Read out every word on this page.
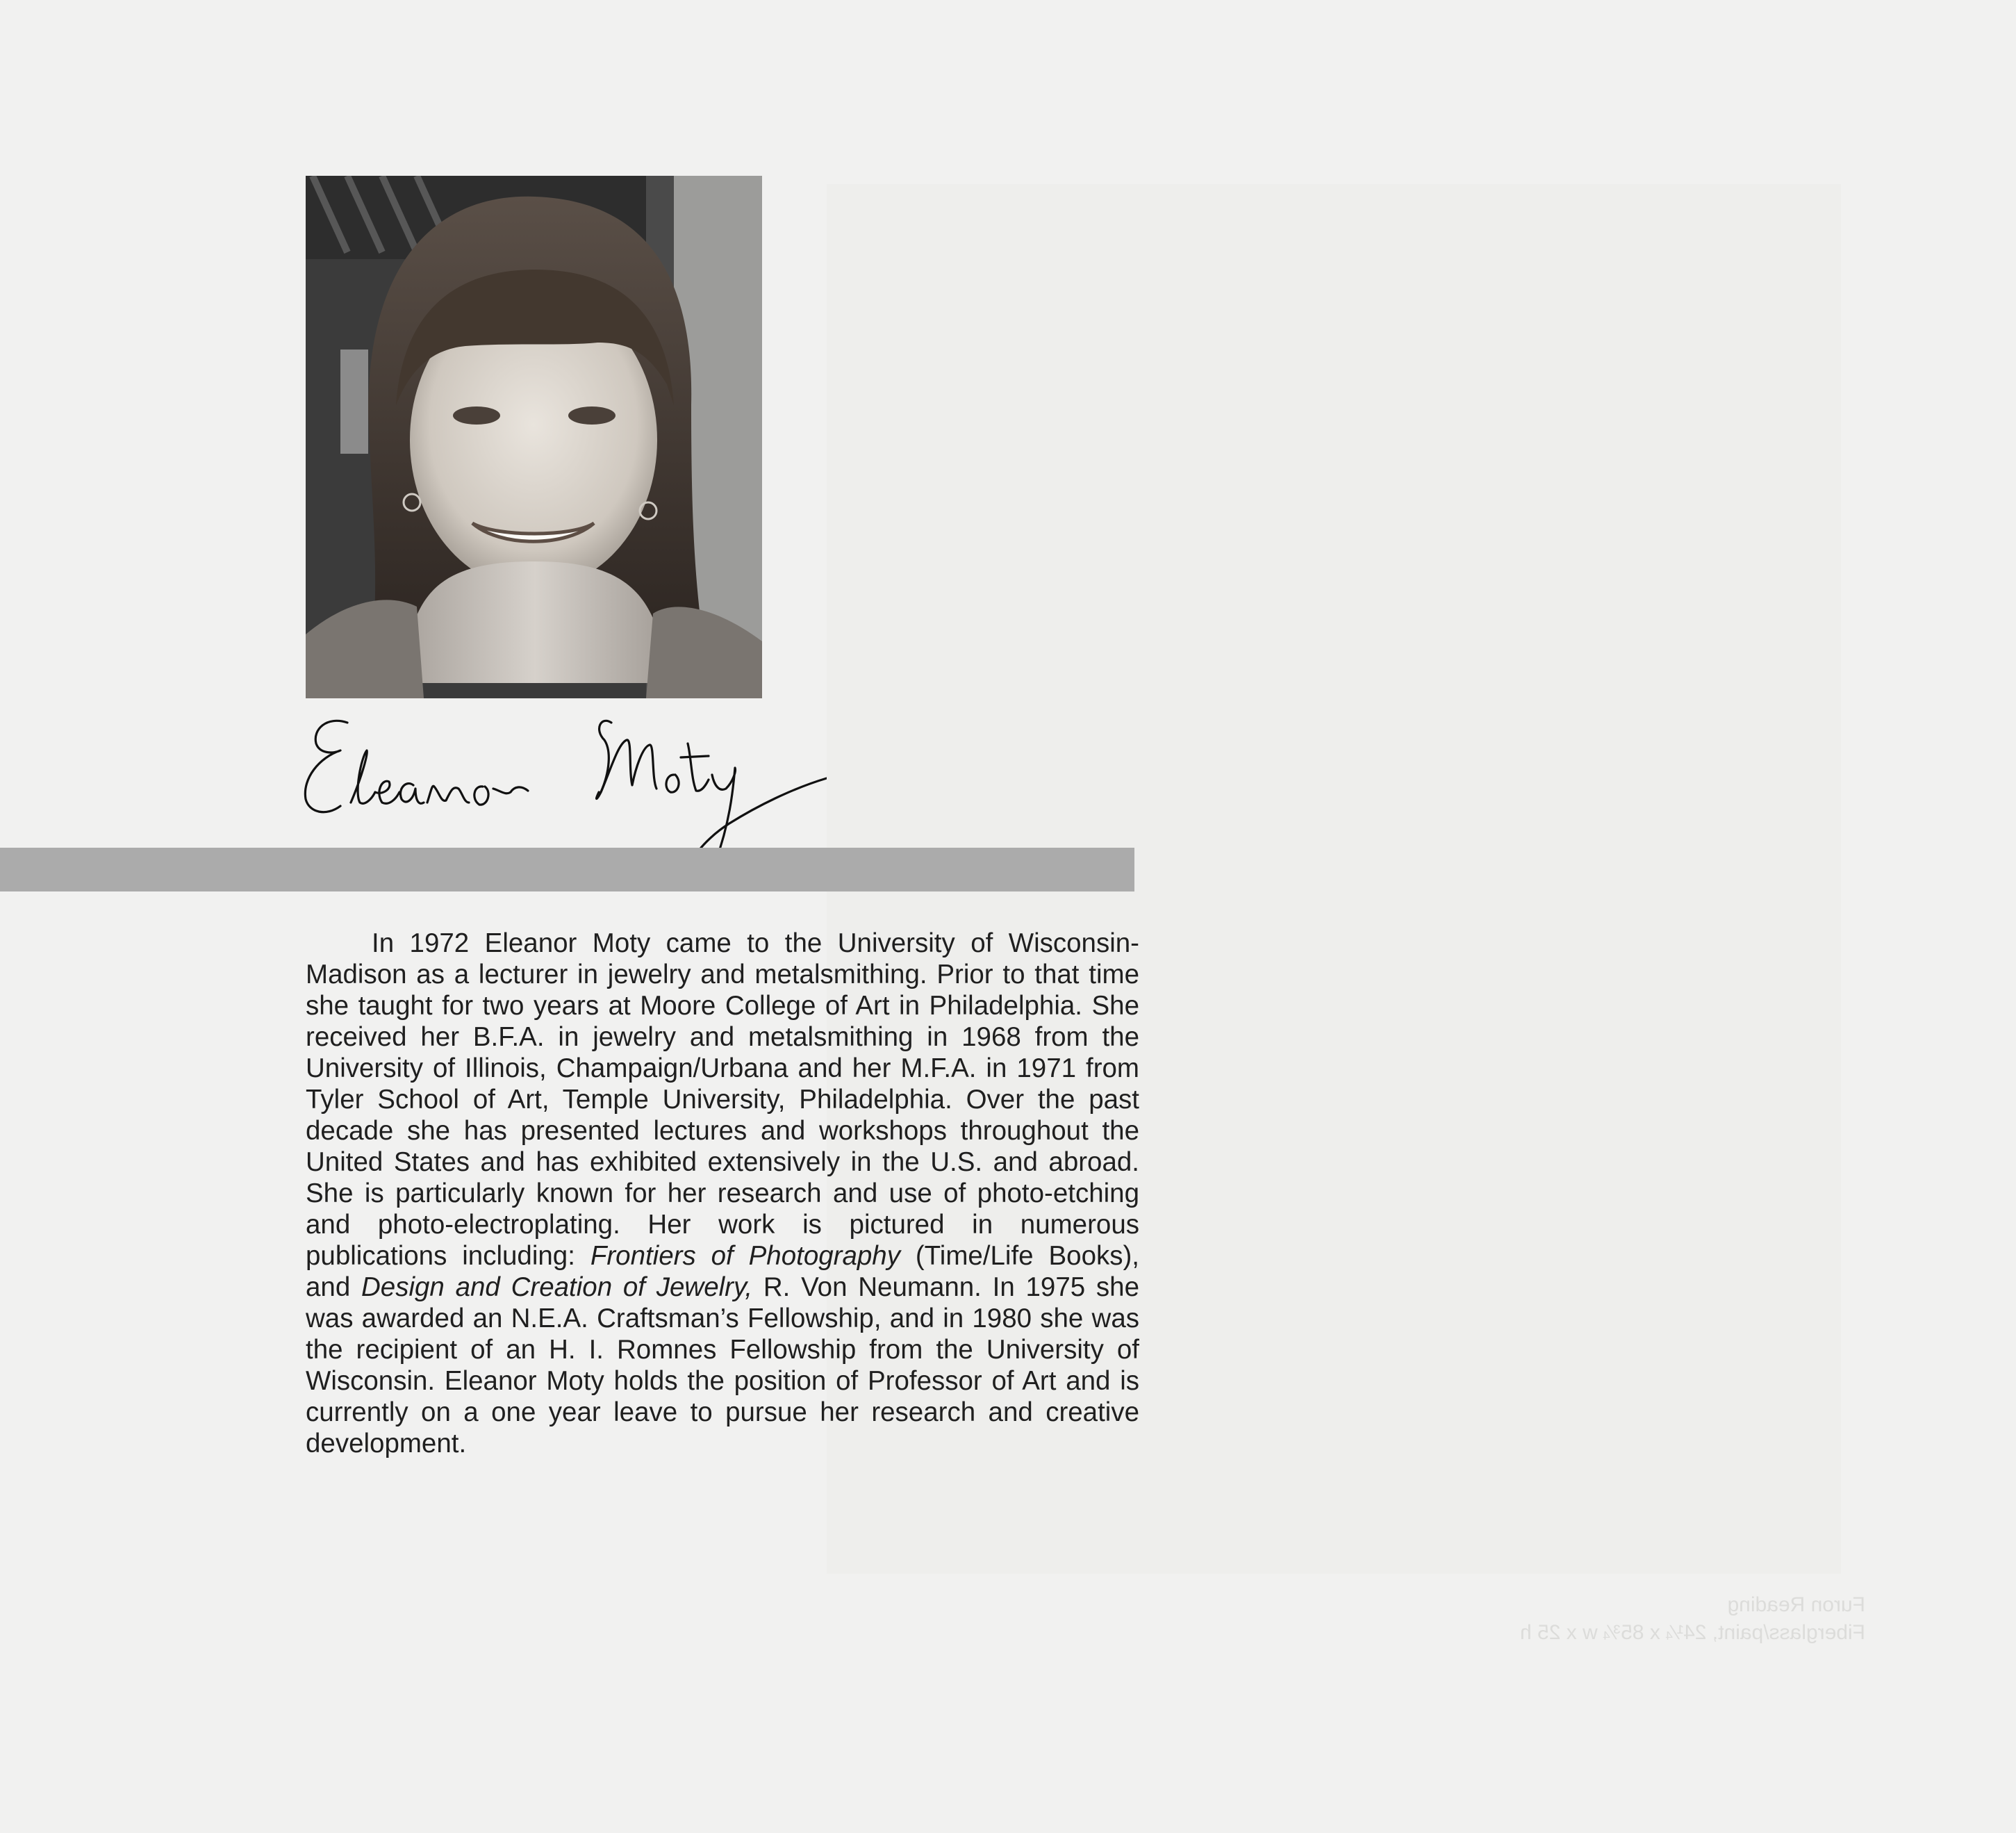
Furon Reading
Fiberglass/paint, 24¼ x 85¾ w x 25 h

In 1972 Eleanor Moty came to the University of Wisconsin-Madison as a lecturer in jewelry and metalsmithing. Prior to that time she taught for two years at Moore College of Art in Philadelphia. She received her B.F.A. in jewelry and metalsmithing in 1968 from the University of Illinois, Champaign/Urbana and her M.F.A. in 1971 from Tyler School of Art, Temple University, Philadelphia. Over the past decade she has presented lectures and workshops throughout the United States and has exhibited extensively in the U.S. and abroad. She is particularly known for her research and use of photo-etching and photo-electroplating. Her work is pictured in numerous publications including: Frontiers of Photography (Time/Life Books), and Design and Creation of Jewelry, R. Von Neumann. In 1975 she was awarded an N.E.A. Craftsman’s Fellowship, and in 1980 she was the recipient of an H. I. Romnes Fellowship from the University of Wisconsin. Eleanor Moty holds the position of Professor of Art and is currently on a one year leave to pursue her research and creative development.
